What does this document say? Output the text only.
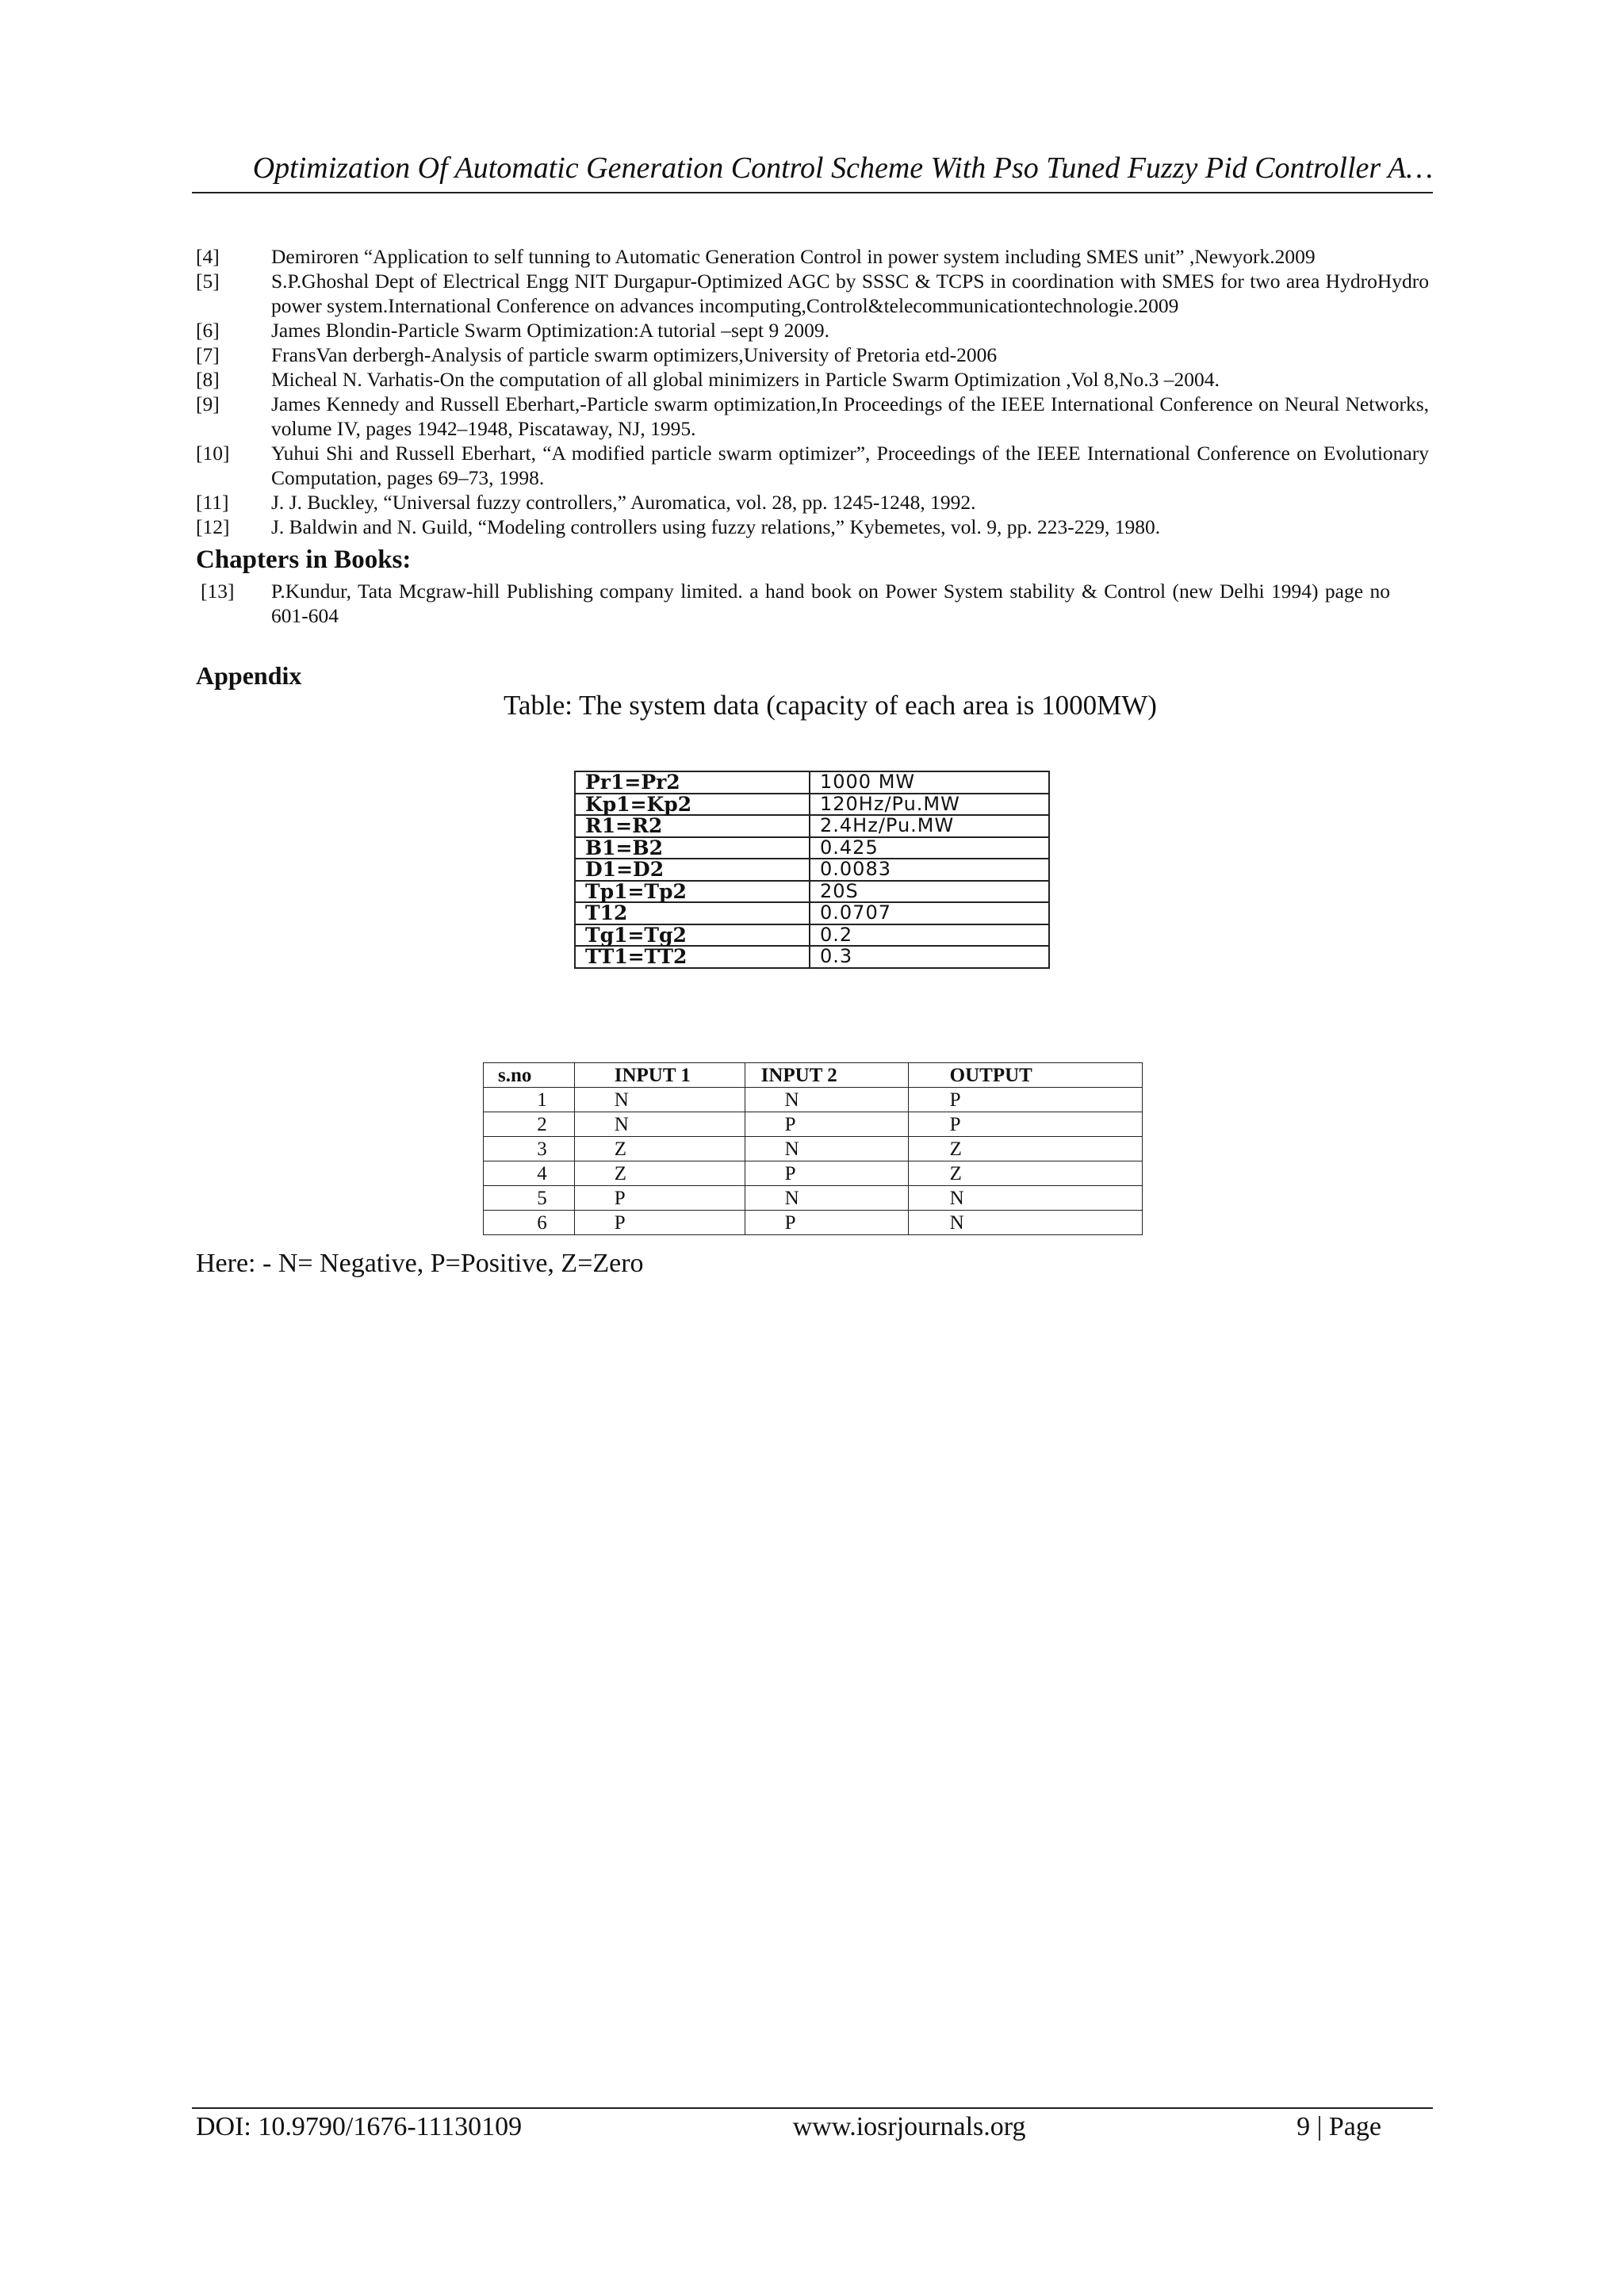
Optimization Of Automatic Generation Control Scheme With Pso Tuned Fuzzy Pid Controller A…
[4]	Demiroren “Application to self tunning to Automatic Generation Control in power system including SMES unit” ,Newyork.2009
[5]	S.P.Ghoshal Dept of Electrical Engg NIT Durgapur-Optimized AGC by SSSC & TCPS in coordination with SMES for two area HydroHydro power system.International Conference on advances incomputing,Control&telecommunicationtechnologie.2009
[6]	James Blondin-Particle Swarm Optimization:A tutorial –sept 9 2009.
[7]	FransVan derbergh-Analysis of particle swarm optimizers,University of Pretoria etd-2006
[8]	Micheal N. Varhatis-On the computation of all global minimizers in Particle Swarm Optimization ,Vol 8,No.3 –2004.
[9]	James Kennedy and Russell Eberhart,-Particle swarm optimization,In Proceedings of the IEEE International Conference on Neural Networks, volume IV, pages 1942–1948, Piscataway, NJ, 1995.
[10]	Yuhui Shi and Russell Eberhart, “A modified particle swarm optimizer”, Proceedings of the IEEE International Conference on Evolutionary Computation, pages 69–73, 1998.
[11]	J. J. Buckley, “Universal fuzzy controllers,” Auromatica, vol. 28, pp. 1245-1248, 1992.
[12]	J. Baldwin and N. Guild, “Modeling controllers using fuzzy relations,” Kybemetes, vol. 9, pp. 223-229, 1980.
Chapters in Books:
[13]	P.Kundur, Tata Mcgraw-hill Publishing company limited. a hand book on Power System stability & Control (new Delhi 1994) page no 601-604
Appendix
Table: The system data (capacity of each area is 1000MW)
Pr1=Pr2	1000 MW
Kp1=Kp2	120Hz/Pu.MW
R1=R2	2.4Hz/Pu.MW
B1=B2	0.425
D1=D2	0.0083
Tp1=Tp2	20S
T12	0.0707
Tg1=Tg2	0.2
TT1=TT2	0.3
s.no	INPUT 1	INPUT 2	OUTPUT
1	N	N	P
2	N	P	P
3	Z	N	Z
4	Z	P	Z
5	P	N	N
6	P	P	N
Here: - N= Negative, P=Positive, Z=Zero
DOI: 10.9790/1676-11130109	www.iosrjournals.org	9 | Page
